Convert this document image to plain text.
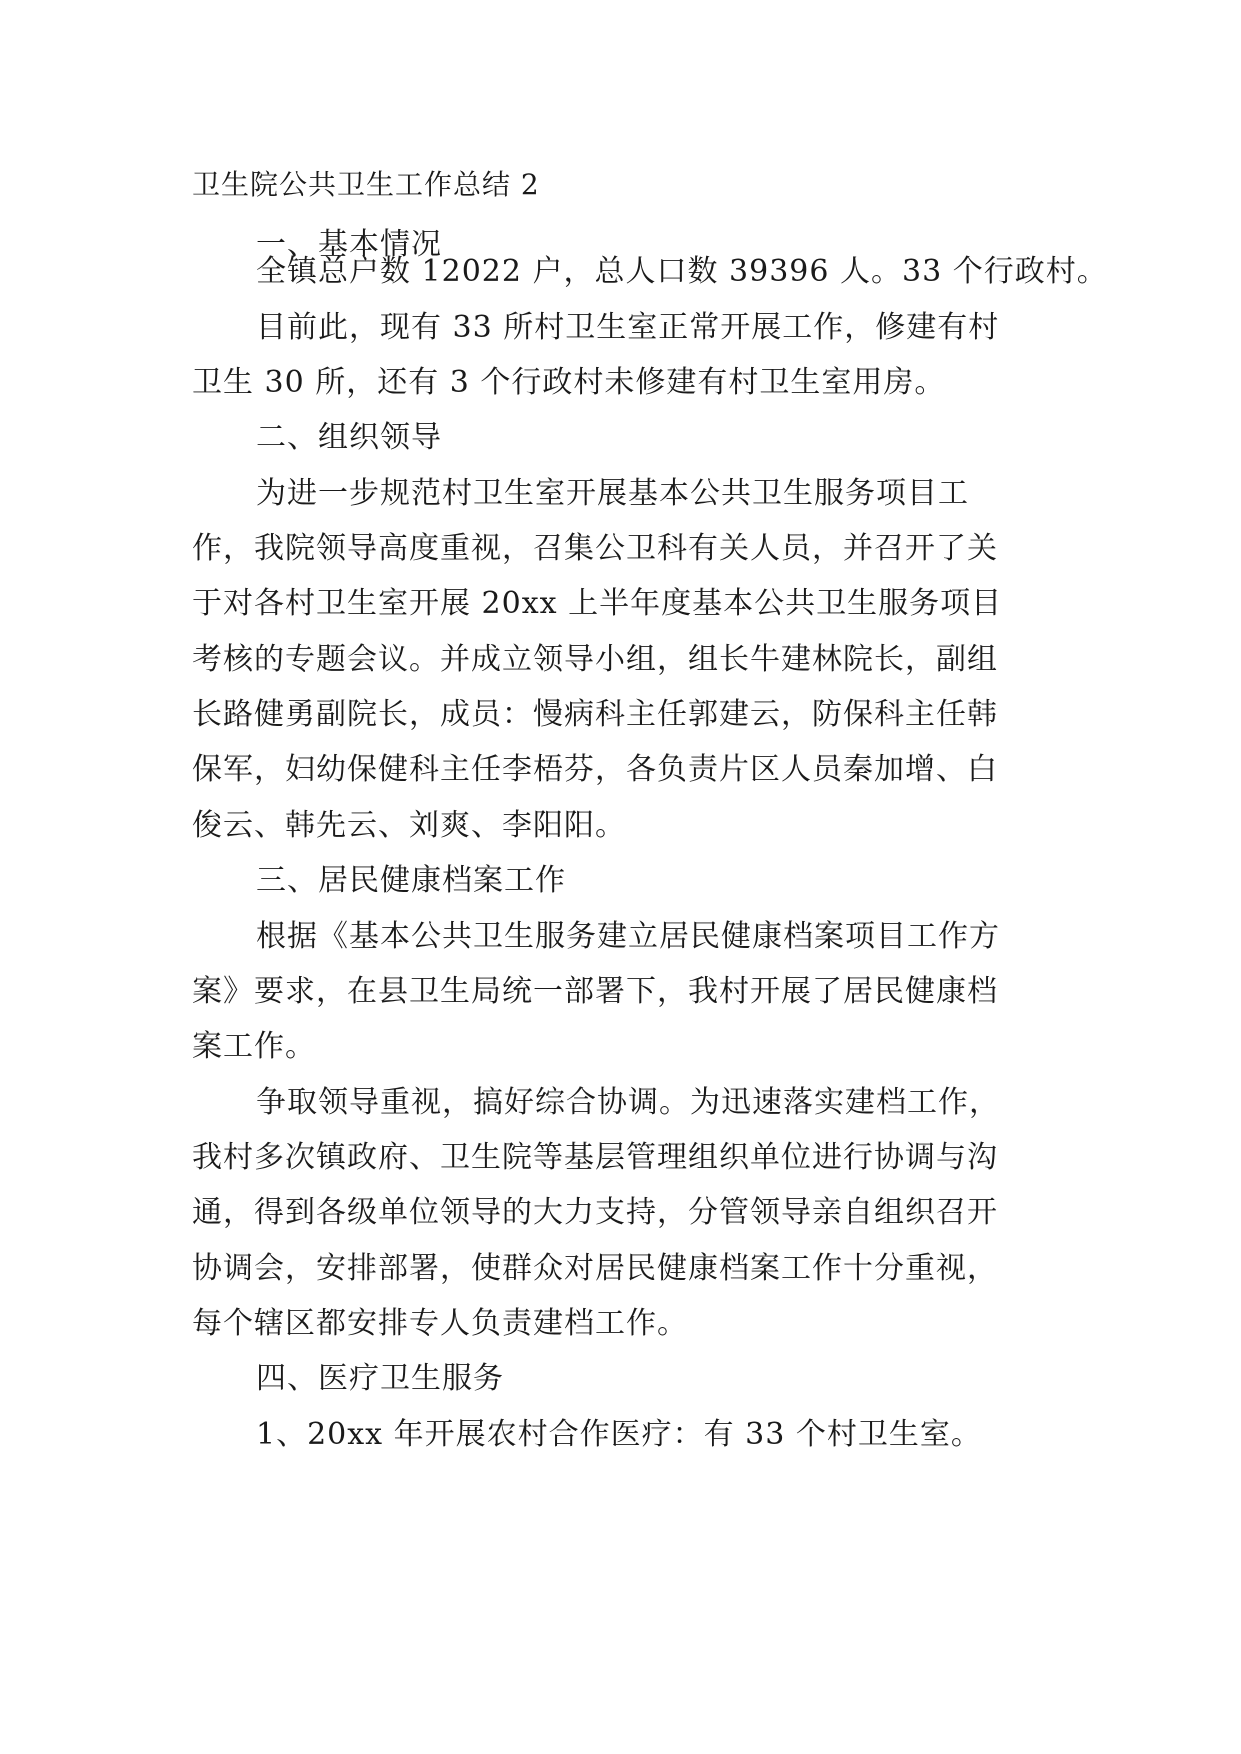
卫生院公共卫生工作总结 2
一、基本情况
全镇总户数 12022 户，总人口数 39396 人。33 个行政村。
目前此，现有 33 所村卫生室正常开展工作，修建有村
卫生 30 所，还有 3 个行政村未修建有村卫生室用房。
二、组织领导
为进一步规范村卫生室开展基本公共卫生服务项目工
作，我院领导高度重视，召集公卫科有关人员，并召开了关
于对各村卫生室开展 20xx 上半年度基本公共卫生服务项目
考核的专题会议。并成立领导小组，组长牛建林院长，副组
长路健勇副院长，成员：慢病科主任郭建云，防保科主任韩
保军，妇幼保健科主任李梧芬，各负责片区人员秦加增、白
俊云、韩先云、刘爽、李阳阳。
三、居民健康档案工作
根据《基本公共卫生服务建立居民健康档案项目工作方
案》要求，在县卫生局统一部署下，我村开展了居民健康档
案工作。
争取领导重视，搞好综合协调。为迅速落实建档工作，
我村多次镇政府、卫生院等基层管理组织单位进行协调与沟
通，得到各级单位领导的大力支持，分管领导亲自组织召开
协调会，安排部署，使群众对居民健康档案工作十分重视，
每个辖区都安排专人负责建档工作。
四、医疗卫生服务
1、20xx 年开展农村合作医疗：有 33 个村卫生室。
